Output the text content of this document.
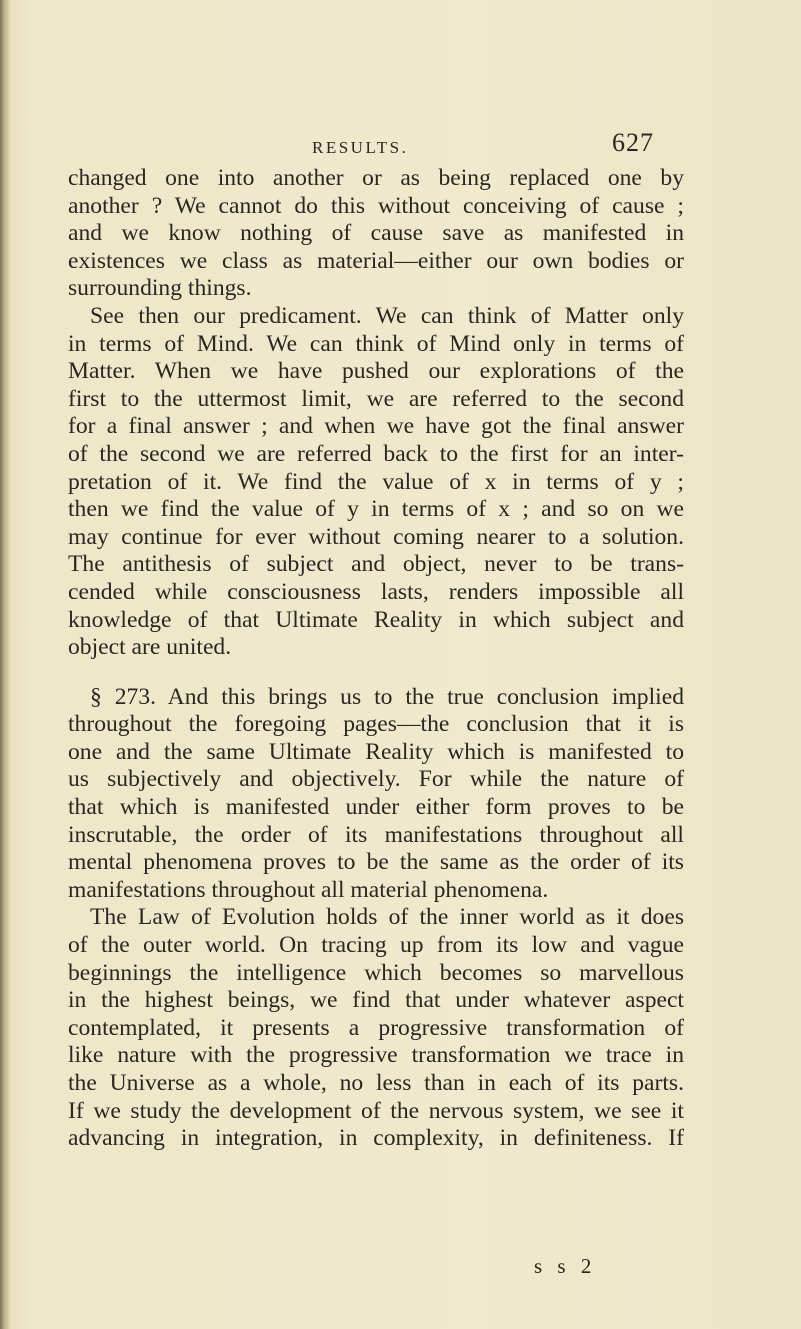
RESULTS.	627
changed one into another or as being replaced one by
another ? We cannot do this without conceiving of cause ;
and we know nothing of cause save as manifested in
existences we class as material—either our own bodies or
surrounding things.
See then our predicament. We can think of Matter only
in terms of Mind. We can think of Mind only in terms of
Matter. When we have pushed our explorations of the
first to the uttermost limit, we are referred to the second
for a final answer ; and when we have got the final answer
of the second we are referred back to the first for an inter-
pretation of it. We find the value of x in terms of y ;
then we find the value of y in terms of x ; and so on we
may continue for ever without coming nearer to a solution.
The antithesis of subject and object, never to be trans-
cended while consciousness lasts, renders impossible all
knowledge of that Ultimate Reality in which subject and
object are united.
§ 273. And this brings us to the true conclusion implied
throughout the foregoing pages—the conclusion that it is
one and the same Ultimate Reality which is manifested to
us subjectively and objectively. For while the nature of
that which is manifested under either form proves to be
inscrutable, the order of its manifestations throughout all
mental phenomena proves to be the same as the order of its
manifestations throughout all material phenomena.
The Law of Evolution holds of the inner world as it does
of the outer world. On tracing up from its low and vague
beginnings the intelligence which becomes so marvellous
in the highest beings, we find that under whatever aspect
contemplated, it presents a progressive transformation of
like nature with the progressive transformation we trace in
the Universe as a whole, no less than in each of its parts.
If we study the development of the nervous system, we see it
advancing in integration, in complexity, in definiteness. If
s s 2
